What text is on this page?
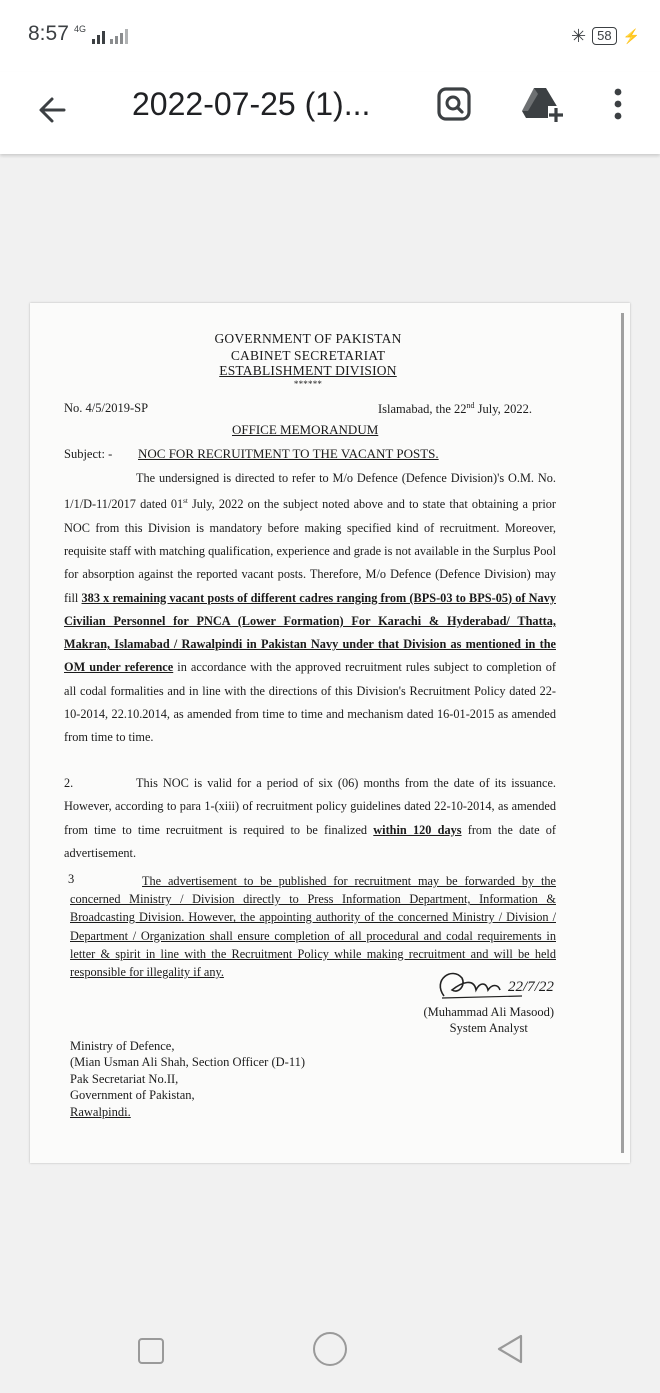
8:57 4G	✳ 58 ⚡
2022-07-25 (1)...
GOVERNMENT OF PAKISTAN
CABINET SECRETARIAT
ESTABLISHMENT DIVISION
******
No. 4/5/2019-SP	Islamabad, the 22nd July, 2022.
OFFICE MEMORANDUM
Subject: - NOC FOR RECRUITMENT TO THE VACANT POSTS.
The undersigned is directed to refer to M/o Defence (Defence Division)'s O.M. No. 1/1/D-11/2017 dated 01st July, 2022 on the subject noted above and to state that obtaining a prior NOC from this Division is mandatory before making specified kind of recruitment. Moreover, requisite staff with matching qualification, experience and grade is not available in the Surplus Pool for absorption against the reported vacant posts. Therefore, M/o Defence (Defence Division) may fill 383 x remaining vacant posts of different cadres ranging from (BPS-03 to BPS-05) of Navy Civilian Personnel for PNCA (Lower Formation) For Karachi & Hyderabad/ Thatta, Makran, Islamabad / Rawalpindi in Pakistan Navy under that Division as mentioned in the OM under reference in accordance with the approved recruitment rules subject to completion of all codal formalities and in line with the directions of this Division's Recruitment Policy dated 22-10-2014, 22.10.2014, as amended from time to time and mechanism dated 16-01-2015 as amended from time to time.
2.	This NOC is valid for a period of six (06) months from the date of its issuance. However, according to para 1-(xiii) of recruitment policy guidelines dated 22-10-2014, as amended from time to time recruitment is required to be finalized within 120 days from the date of advertisement.
3	The advertisement to be published for recruitment may be forwarded by the concerned Ministry / Division directly to Press Information Department, Information & Broadcasting Division. However, the appointing authority of the concerned Ministry / Division / Department / Organization shall ensure completion of all procedural and codal requirements in letter & spirit in line with the Recruitment Policy while making recruitment and will be held responsible for illegality if any.
22/7/22
(Muhammad Ali Masood)
System Analyst
Ministry of Defence,
(Mian Usman Ali Shah, Section Officer (D-11)
Pak Secretariat No.II,
Government of Pakistan,
Rawalpindi.
